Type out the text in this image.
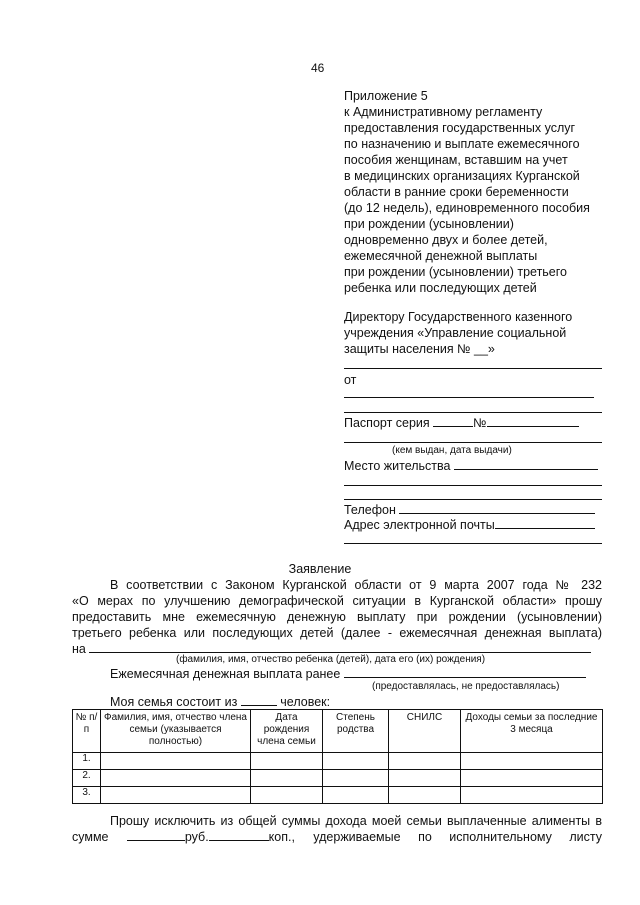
46
Приложение 5
к Административному регламенту
предоставления государственных услуг
по назначению и выплате ежемесячного
пособия женщинам, вставшим на учет
в медицинских организациях Курганской
области в ранние сроки беременности
(до 12 недель), единовременного пособия
при рождении (усыновлении)
одновременно двух и более детей,
ежемесячной денежной выплаты
при рождении (усыновлении) третьего
ребенка или последующих детей
Директору Государственного казенного
учреждения «Управление социальной
защиты населения № __»
от
Паспорт серия	№
(кем выдан, дата выдачи)
Место жительства
Телефон
Адрес электронной почты
Заявление
В соответствии с Законом Курганской области от 9 марта 2007 года № 232
«О мерах по улучшению демографической ситуации в Курганской области» прошу
предоставить мне ежемесячную денежную выплату при рождении (усыновлении)
третьего ребенка или последующих детей (далее - ежемесячная денежная выплата)
на
(фамилия, имя, отчество ребенка (детей), дата его (их) рождения)
Ежемесячная денежная выплата ранее
(предоставлялась, не предоставлялась)
Моя семья состоит из	человек:
№ п/п	Фамилия, имя, отчество члена семьи (указывается полностью)	Дата рождения члена семьи	Степень родства	СНИЛС	Доходы семьи за последние 3 месяца
1.					
2.					
3.					
Прошу исключить из общей суммы дохода моей семьи выплаченные алименты в
сумме	руб.	коп., удерживаемые по исполнительному листу
